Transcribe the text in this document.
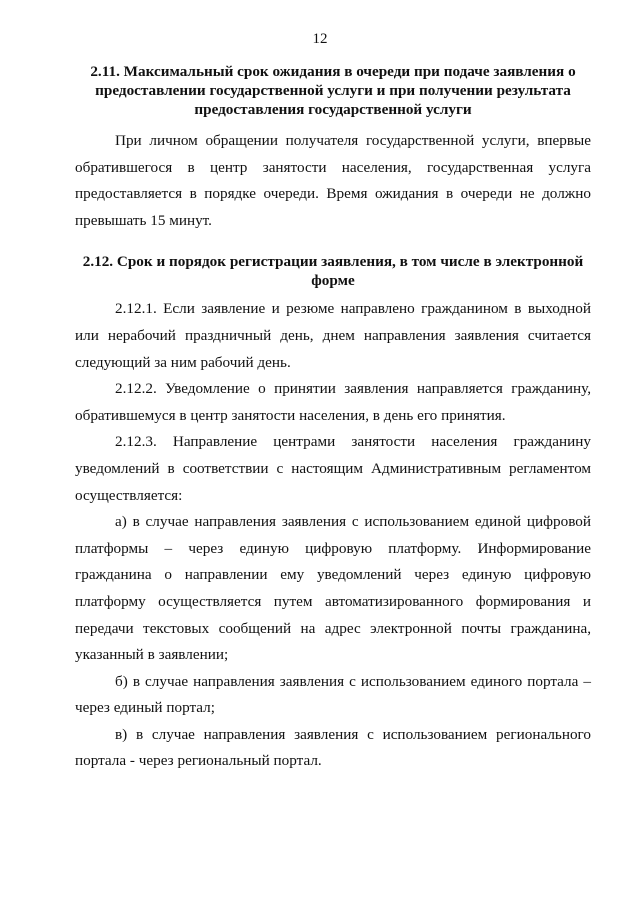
12
2.11. Максимальный срок ожидания в очереди при подаче заявления о
предоставлении государственной услуги и при получении результата
предоставления государственной услуги

При личном обращении получателя государственной услуги, впервые
обратившегося в центр занятости населения, государственная услуга
предоставляется в порядке очереди. Время ожидания в очереди не должно
превышать 15 минут.

2.12. Срок и порядок регистрации заявления, в том числе в электронной
форме

2.12.1. Если заявление и резюме направлено гражданином в выходной
или нерабочий праздничный день, днем направления заявления считается
следующий за ним рабочий день.

2.12.2. Уведомление о принятии заявления направляется гражданину,
обратившемуся в центр занятости населения, в день его принятия.

2.12.3. Направление центрами занятости населения гражданину
уведомлений в соответствии с настоящим Административным регламентом
осуществляется:

а) в случае направления заявления с использованием единой цифровой
платформы – через единую цифровую платформу. Информирование
гражданина о направлении ему уведомлений через единую цифровую
платформу осуществляется путем автоматизированного формирования и
передачи текстовых сообщений на адрес электронной почты гражданина,
указанный в заявлении;

б) в случае направления заявления с использованием единого портала –
через единый портал;

в) в случае направления заявления с использованием регионального
портала - через региональный портал.
